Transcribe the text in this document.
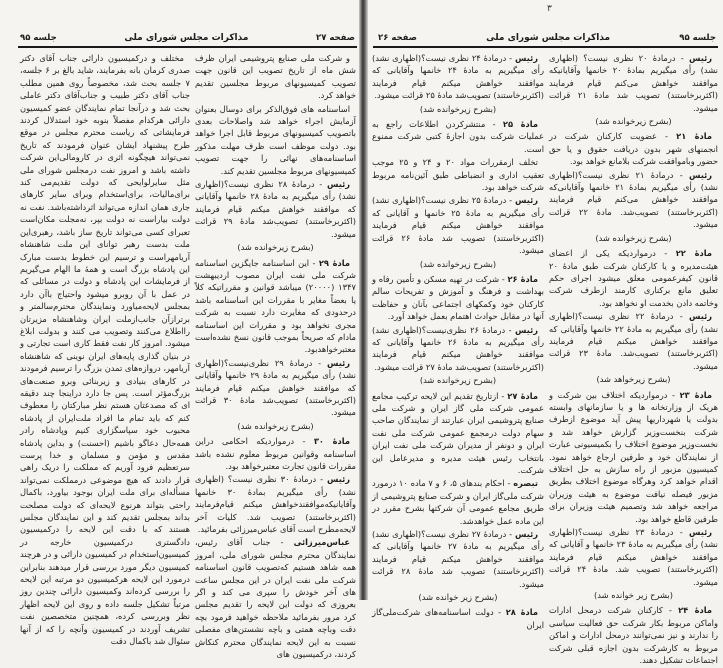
۳
صفحه ۲۷
مذاکرات مجلس شورای ملی
جلسه ۹۵	جلسه ۹۵
مذاکرات مجلس شورای ملی
صفحه ۲۶

مختلف و درکمیسیون دارائی جناب آقای دکتر صدری کرمان بانه بفرمایند، شاید بالغ بر ۶ جلسه، ۷ جلسه بحث شد، مخصوصاً روی همین مطلب جناب آقای دکتر طبیب و جناب‌آقای دکتر عاملی بحث شد و درآنجا تمام نمایندگان عضو کمیسیون دارائی هرکدام مفصلاً بنوبه خود استدلال کردند فرمایشاتی که ریاست محترم مجلس در موقع طرح پیشنهاد ایشان عنوان فرمودند که تاریخ نمی‌تواند هیچگونه اثری در کارومالی‌این شرکت داشته باشد و امروز نفت درمجلس شورای ملی مثل سایرلوایحی که دولت تقدیم‌می کند برای‌مالیات، برای‌استخدام وبرای سایر کارهای جاری همان اندازه می‌تواند اثرداشته‌باشد. نفت نه دولت بیاراست نه دولت بپر، نه‌مجلت مکان‌است تعبرای کسی می‌تواند تاریخ ساز باشد، رهبری‌این ملت بدست رهبر توانای این ملت شاهنشاه آریامهراست و ترسیم این خطوط بدست مبارک این پادشاه بزرگ است و همهٔ ما الهام می‌گیریم از فرمایشات این پادشاه و دولت در مسائلی که در عمل با آن روبرو میشود واحتیاج باآن دارد بمجلس لایحه‌میاورد ونمایندگان محترم‌سالمتر و برترازآن جانب‌ازملت ایران وشاهنشاه مزیرتان رااطلاع می‌کنند وتصویب می کنند و بدولت ابلاغ میشود. امروز کار نفت فقط کاری است تجارتی و در بنیان گذاری پایه‌های ایران نوینی که شاهنشاه آریامهر، دروازه‌های تمدن بزرگ را ترسیم فرمودند در کارهای بنیادی و زیربنائی وبرو صنعت‌های بزرگ‌مؤثر است. پس جا دارد دراینجا چند دقیقه ای که مصدعتان هستم نظر مبارکتان را معطوف کنم که باید تمام ما افراد ملت‌ایران از پادشاه محبوب خود سپاسگزاری کنیم وپادشاه رادر همه‌حال دعاگو باشیم (احسنت) و بداین پادشاه مقدس و مؤمن و مسلمان و خدا پرست سرتعظیم فرود آوریم که مملکت را دریک راهی قرار دادند که هیچ موضوعی درمملکت نمی‌تواند مسأله‌ای برای ملت ایران بوجود بیاورد، باکمال راحتی بتواند هرنوع لایحه‌ای که دولت مصلحت بداند بمجلس تقدیم کند و این نمایندگان مجلس هستند که با دقت این لایحه را درکمیسیون دادگستری درکمیسیون خارجه در کمیسیون‌استخدام در کمیسیون دارائی و در هرچند کمیسیون دیگر مورد بررسی قرار میدهند بنابراین درمورد این لایحه هرکمیسیون دو مرتبه این لایحه را بررسی کرده‌اند وکمیسیون دارائی چندین روز مرتباً تشکیل جلسه داده و روی این لایحه اظهار نظر وبررسی کرده، همچنین متخصصین نفت تشریف آوردند در کمیسیون وآنچه را که از آنها سئوال شد باکمال دقت

و شرکت ملی صنایع پتروشیمی ایران ظرف شش ماه از تاریخ تصویب این قانون جهت تصویب کمیسیونهای مربوط مجلسین تقدیم خواهد کرد.

اساسنامه های فوق‌الذکر برای دوسال بعنوان آزمایش اجراء خواهد شد واصلاحات بعدی باتصویب کمیسیونهای مربوط قابل اجرا خواهد بود. دولت موظف است ظرف مهلت مذکور اساسنامه‌های نهائی را جهت تصویب کمیسیونهای مربوط مجلسین تقدیم کند.

رئیس - درمادهٔ ۲۸ نظری نیست؟(اظهاری نشد) رأی میگیریم به مادهٔ ۲۸ خانمها وآقایانی که موافقند خواهش میکنم قیام فرمایند (اکثربرخاستند) تصویب‌شد مادهٔ ۲۹ قرائت میشود.

(بشرح زیرخوانده شد)

مادهٔ ۲۹ - این اساسنامه جایگزین اساسنامه شرکت ملی نفت ایران مصوب اردیبهشت ۱۳۴۷ (۲۰۰۰۰) میباشد قوانین و مقرراتیکه کلاً یا بعضاً مغایر با مقررات این اساسنامه باشد درحدودی که مغایرت دارد نسبت به شرکت مجری نخواهد بود و مقررات این اساسنامه مادام که صریحاً بموجب قانون نسخ نشده‌است معتبرخواهدبود.

رئیس - درمادهٔ ۲۹ نظری‌نیست؟(اظهاری نشد) رأی میگیریم به مادهٔ ۲۹ خانمها وآقایانی که موافقند خواهش میکنم قیام فرمایند (اکثربرخاستند) تصویب‌شد مادهٔ ۳۰ قرائت میشود.

(بشرح زیرخوانده شد)

مادهٔ ۳۰ - درمواردیکه احکامی دراین اساسنامه وقوانین مربوط معلوم نشده باشد مقررات قانون تجارت معتبرخواهد بود.

رئیس - درمادهٔ ۳۰ نظری نیست؟ (اظهاری نشد) رأی میگیریم بمادهٔ ۳۰ خانمها وآقایانیکه‌موافقندخواهش میکنم قیام‌فرمایند (اکثربرخاستند) تصویب شد. کلیات آخر لایحه‌مطرح است آقای عباس‌میرزائی بفرمائید.

عباس‌میرزائی - جناب آقای رئیس، نمایندگان محترم مجلس شورای ملی، امروز همه شاهد هستیم که‌تصویب قانون اساسنامه شرکت ملی نفت ایران در این مجلس ساعت های آخر خودش را سپری می کند و اگر بعروزی که دولت این لایحه را تقدیم مجلس کرد مرور بفرمائید ملاحظه خواهید فرمود بچه دقت وباچه همتی و باچه نشستن‌های مفصلی نسبت به این لایحه نمایندگان محترم کنکاش کردند، درکمیسیون های

رئیس - درمادهٔ ۲۴ نظری نیست؟(اظهاری نشد) رأی میگیریم به مادهٔ ۲۴ خانمها وآقایانی که موافقند خواهش میکنم قیام فرمایند (اکثربرخاستند) تصویب‌شد مادهٔ ۲۵ قرائت میشود.

(بشرح زیرخوانده شد)

مادهٔ ۲۵ - منتشرکردن اطلاعات راجع به عملیات شرکت بدون اجازهٔ کتبی شرکت ممنوع است.

تخلف ازمقررات مواد ۲۰ و ۲۴ و ۲۵ موجب تعقیب اداری و انضباطی طبق آئین‌نامه مربوط شرکت خواهد بود.

رئیس - درمادهٔ ۲۵ نظری نیست؟(اظهاری نشد) رأی میگیریم به مادهٔ ۲۵ خانمها و آقایانی که موافقند خواهش میکنم قیام فرمایند (اکثربرخاستند) تصویب شد مادهٔ ۲۶ قرائت میشود.

(بشرح زیرخوانده شد)

مادهٔ ۲۶ - شرکت در تهیه مسکن و تأمین رفاه و بهداشت و فرهنگ و آموزش و تفریحات سالم کارکنان خود وکمکهای اجتماعی بآنان و حفاظت آنها در مقابل حوادث اهتمام بعمل خواهد آورد.

رئیس - درمادهٔ ۲۶ نظری‌نیست؟(اظهاری نشد) رأی میگیریم به مادهٔ ۲۶ خانمها وآقایانی که موافقند خواهش میکنم قیام فرمایند (اکثربرخاستند) تصویب‌شد مادهٔ ۲۷ قرائت میشود.

(بشرح زیرخوانده شد)

مادهٔ ۲۷ - ازتاریخ تقدیم این لایحه ترکیب مجامع عمومی شرکت ملی گاز ایران و شرکت ملی صنایع پتروشیمی ایران عبارتند از نمایندگان صاحب سهام دولت درمجمع عمومی شرکت ملی نفت ایران و دونفر از مدیران شرکت ملی نفت ایران بانتخاب رئیس هیئت مدیره و مدیرعامل این شرکت.

تبصره - احکام بندهای ۵، ۶ و ۷ ماده ۱۰ درمورد شرکت ملی‌گاز ایران و شرکت صنایع پتروشیمی از طریق مجامع عمومی آن شرکتها بشرح مقرر در این ماده عمل خواهدشد.

رئیس - درمادهٔ ۲۷ نظری نیست؟(اظهاری نشد) رأی میگیریم به مادهٔ ۲۷ خانمها وآقایانی که موافقند خواهش میکنم قیام فرمایند (اکثربرخاستند) تصویب شد مادهٔ ۲۸ قرائت میشود.

(بشرح زیر خوانده شد)

مادهٔ ۲۸ - دولت اساسنامه‌های شرکت‌ملی‌گاز ایران

رئیس - درمادهٔ ۲۰ نظری نیست؟ (اظهاری نشد) رأی میگیریم بمادهٔ ۲۰ خانمها وآقایانیکه موافقند خواهش می‌کنم قیام فرمایند (اکثربرخاستند) تصویب شد مادهٔ ۲۱ قرائت میشود.

(بشرح زیرخوانده شد)

مادهٔ ۲۱ - عضویت کارکنان شرکت در انجمنهای شهر بدون دریافت حقوق و یا حق حضور وباموافقت شرکت بلامانع خواهد بود.

رئیس - درمادهٔ ۲۱ نظری نیست؟(اظهاری نشد) رأی میگیریم بمادهٔ ۲۱ خانمها وآقایانی‌که موافقند خواهش می‌کنم قیام فرمایند (اکثربرخاستند) تصویب‌شد. مادهٔ ۲۲ قرائت میشود.

(بشرح زیرخوانده شد)

مادهٔ ۲۲ - درمواردیکه یکی از اعضای هیئت‌مدیره و یا کارکنان شرکت طبق مادهٔ ۲۰ قانون کیفرعمومی معلق میشود اجرای حکم تعلیق مانع برکناری کارمند ازطرف شرکت وخاتمه دادن بخدمت او نخواهد بود.

رئیس - درمادهٔ ۲۲ نظری نیست؟(اظهاری نشد) رأی میگیریم به مادهٔ ۲۲ خانمها وآقایانی که موافقند خواهش میکنم قیام فرمایند (اکثربرخاستند) تصویب‌شد. مادهٔ ۲۳ قرائت میشود.

(بشرح زیرخواهد شد)

مادهٔ ۲۳ - درمواردیکه اختلاف بین شرکت و هریک از وزارتخانه ها و یا سازمانهای وابسته بدولت یا شهرداریها پیش آید موضوع ازطرف شرکت بنخست‌وزیر گزارش خواهد شد و نخست‌وزیر موضوع اختلاف را بکمیسیونی عبارت از نمایندگان خود و طرفین ارجاع خواهد نمود. کمیسیون مزبور از راه سازش به حل اختلاف اقدام خواهد کرد وهرگاه موضوع اختلاف بطریق مزبور فیصله نیافت موضوع به هیئت وزیران مراجعه خواهد شد وتصمیم هیئت وزیران برای طرفین قاطع خواهد بود.

رئیس - درمادهٔ ۲۳ نظری نیست؟(اظهاری نشد) رأی میگیریم به مادهٔ ۲۳ خانمها و آقایانی که موافقند خواهش میکنم قیام فرمایند (اکثربرخاستند) تصویب شد. مادهٔ ۲۴ قرائت میشود.

(بشرح زیر خوانده شد)

مادهٔ ۲۴ - کارکنان شرکت درمحل ادارات واماکن مربوط بکار شرکت حق فعالیت سیاسی را ندارند و نیز نمی‌توانند درمحل ادارات و اماکن مربوط به کارشرکت بدون اجازه قبلی شرکت اجتماعات تشکیل دهند.
